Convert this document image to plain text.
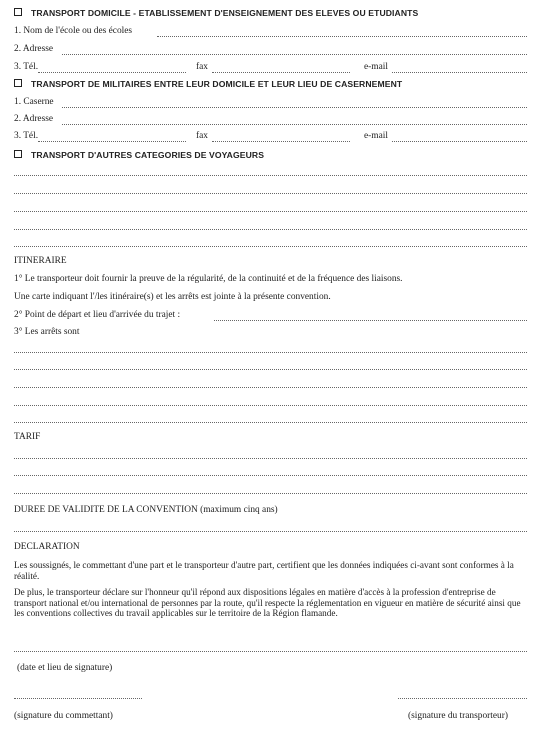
TRANSPORT DOMICILE - ETABLISSEMENT D'ENSEIGNEMENT DES ELEVES OU ETUDIANTS
1. Nom de l'école ou des écoles
2. Adresse
3. Tél.	fax	e-mail
TRANSPORT DE MILITAIRES ENTRE LEUR DOMICILE ET LEUR LIEU DE CASERNEMENT
1. Caserne
2. Adresse
3. Tél.	fax	e-mail
TRANSPORT D'AUTRES CATEGORIES DE VOYAGEURS
ITINERAIRE
1° Le transporteur doit fournir la preuve de la régularité, de la continuité et de la fréquence des liaisons.
Une carte indiquant l'/les itinéraire(s) et les arrêts est jointe à la présente convention.
2° Point de départ et lieu d'arrivée du trajet :
3° Les arrêts sont
TARIF
DUREE DE VALIDITE DE LA CONVENTION (maximum cinq ans)
DECLARATION
Les soussignés, le commettant d'une part et le transporteur d'autre part, certifient que les données indiquées ci-avant sont conformes à la réalité.
De plus, le transporteur déclare sur l'honneur qu'il répond aux dispositions légales en matière d'accès à la profession d'entreprise de transport national et/ou international de personnes par la route, qu'il respecte la réglementation en vigueur en matière de sécurité ainsi que les conventions collectives du travail applicables sur le territoire de la Région flamande.
(date et lieu de signature)
(signature du commettant)	(signature du transporteur)
